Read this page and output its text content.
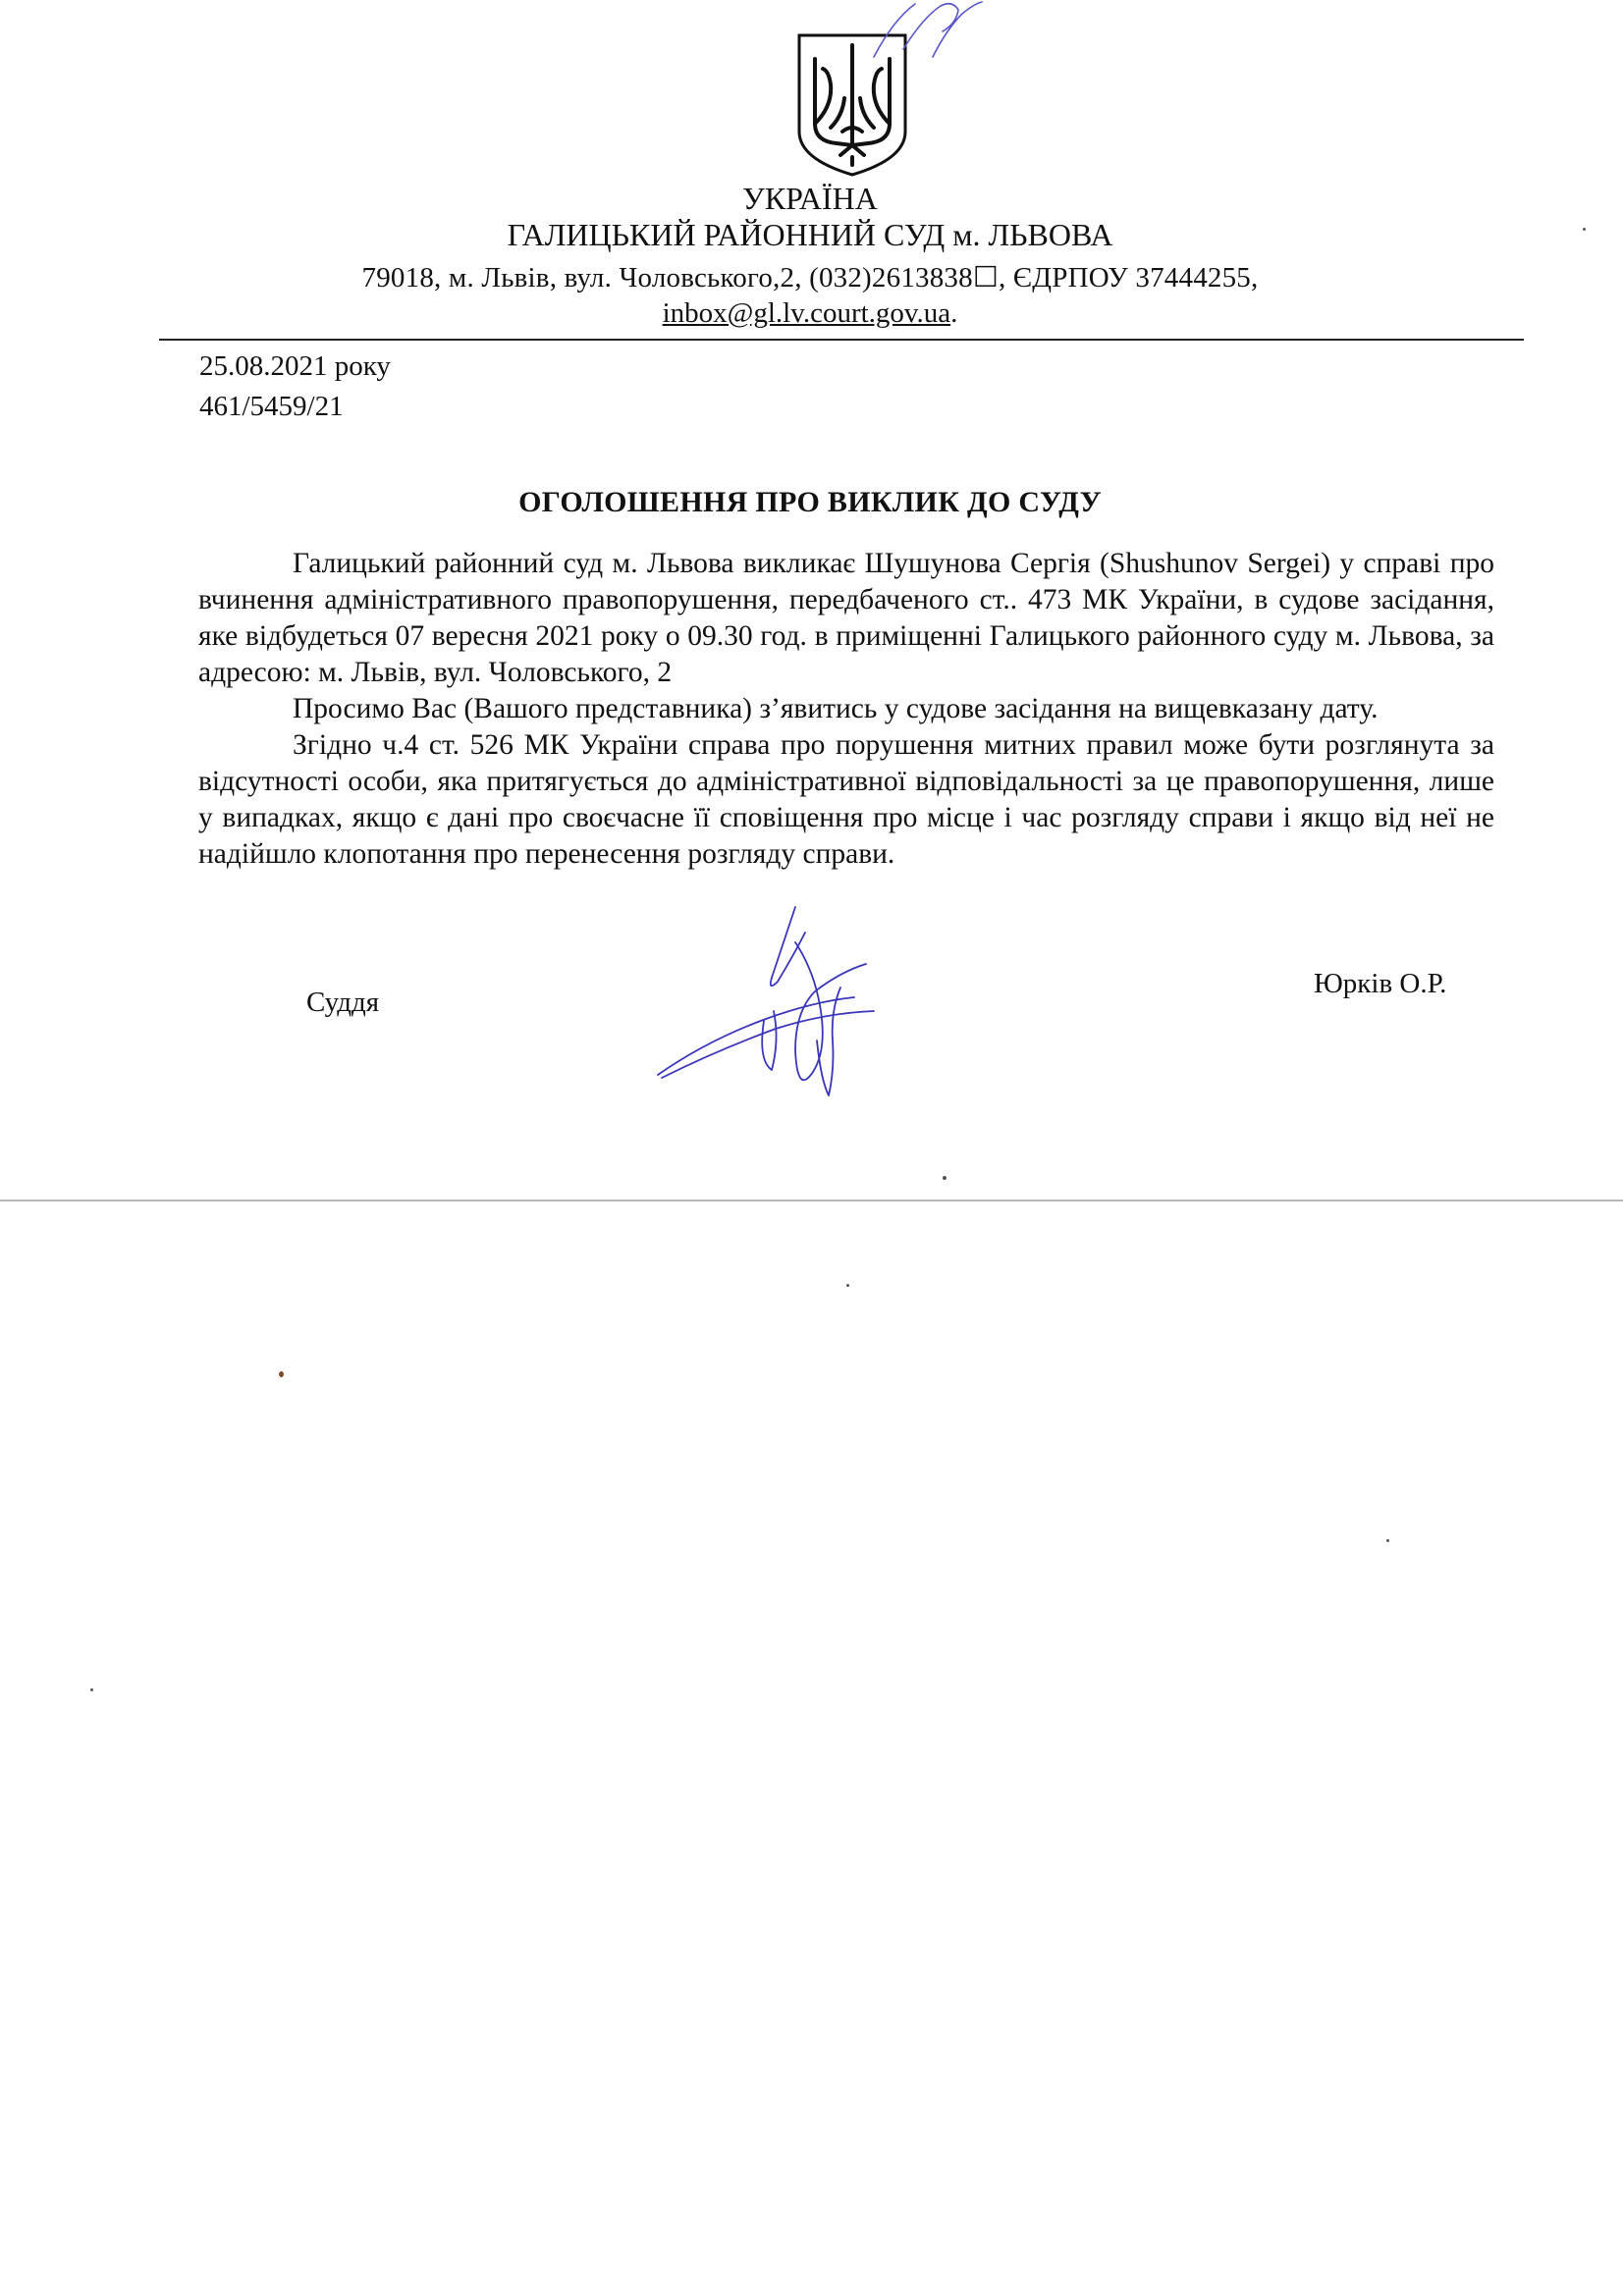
УКРАЇНА
ГАЛИЦЬКИЙ РАЙОННИЙ СУД м. ЛЬВОВА
79018, м. Львів, вул. Чоловського,2, (032)2613838☐, ЄДРПОУ 37444255,
inbox@gl.lv.court.gov.ua.
25.08.2021 року
461/5459/21
ОГОЛОШЕННЯ ПРО ВИКЛИК ДО СУДУ

Галицький районний суд м. Львова викликає Шушунова Сергія (Shushunov Sergei) у справі про вчинення адміністративного правопорушення, передбаченого ст.. 473 МК України, в судове засідання, яке відбудеться 07 вересня 2021 року о 09.30 год. в приміщенні Галицького районного суду м. Львова, за адресою: м. Львів, вул. Чоловського, 2

Просимо Вас (Вашого представника) з’явитись у судове засідання на вищевказану дату.

Згідно ч.4 ст. 526 МК України справа про порушення митних правил може бути розглянута за відсутності особи, яка притягується до адміністративної відповідальності за це правопорушення, лише у випадках, якщо є дані про своєчасне її сповіщення про місце і час розгляду справи і якщо від неї не надійшло клопотання про перенесення розгляду справи.

Суддя
Юрків О.Р.
